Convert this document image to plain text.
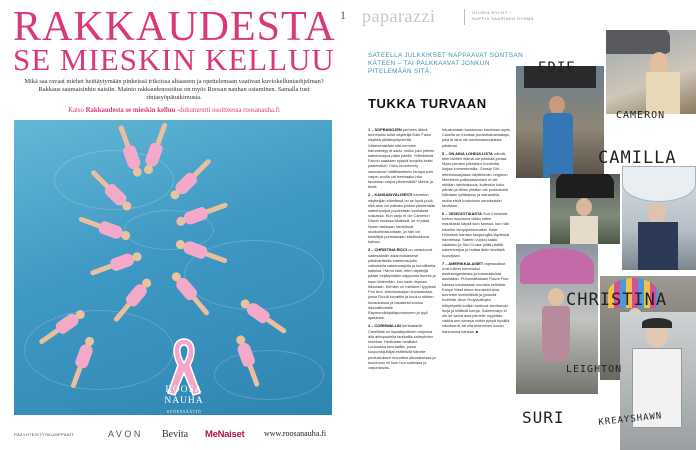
RAKKAUDESTA
SE MIESKIN KELLUU
Mikä saa ravaat miehet heittäytymään pinkeissä trikoissa altaaseen ja opettelemaan vaativan kuviokelluntaohjelman? Rakkaus saumaisinhin naisiin. Mainio rakkaudenosoitus on myös Roosan nauhan ostaminen. Samalla tuet rintasyöpätutkimusta.
Katso Rakkaudesta se mieskin kelluu -dokumentti osoitteessa roosanauha.fi
ROOSA
NAUHA
SYÖPÄSÄÄTIÖ
PÄÄYHTEISTYÖKUMPPANIT	AVON Bevita MeNaiset www.roosanauha.fi
1 paparazzi	GLORIA RYCHY /
SUPPIA SAARINEN RYHMÄ
SATEELLA JULKKIKSET NAPPAAVAT SONTSAN KÄTEEN – TAI PALKKAAVAT JONKUN PITELEMÄÄN SITÄ.
TUKKA TURVAAN
1 – SOPRANOJEN perheen äitinä tunnetuksi tullut näyttelijä Edie Falco näyttää pöllämystyneeltä. Vähemmistään sitä mennen hammentyy ei sadu, mutta joku pitelee sateenvarjoa pään päällä. Yritteliäänä Falcon saadaan nyppiä suojella kaltsi pastekstia? Onko huonenvey varautunut hätätilanteisiin fanaya pois varjon avulla vai treenaako hän fauvistan varjoa pitelemällä? Meine ja tiedä.
2 – KANSAINVÄLISESTI tunnetun näyttelijän elämässä on se hyvä puoli, että aina voi palkata jonkun pitelemään sateenvarjoa puolestaan sveitsissä ruskassa. Kun varjo ei ole Cameron Diazin omassa kädessä, se ei pääa Noren tarkkaan hienkihuat skoikohinasuottaan, ja hän voi keskittyä puristamaan käsilaukkuna kainua.
3 – CHRISTINA RICCI on varautunut sadesäähän asianmukaisesti pitkävartisella sateenvarjolla, valkoisella sateenvarjolla ja kuhollisella kaitoisa. Harmi vain, ettei näyttelijä pääse veljätyrnäkin säpyomia kunnia ja kuun lettemäan, kun sade riepoaa ikkunaan. Etenkin on minkkien tyypissä Pori Ami -televisiosarjan kuvauksissa, jossa Ricciä kuvattiin ja kuuluu näiden kuvauksissa ja tasaisesti kuuluu ikkunattomalle Raymondkäpäläpurrukseen ja tyyli ajatuksiin.
4 – CORNWALLIN herttuatarlle Camillalle on tapnäkyväinen varjonsa alla ahtopuolella tarkkailla sadepilvien suuntaa. Herttuatar osallistui Lontoossa kenraalilla, jossa kuuponkijuhlijat esittelivät hänelle puolustuksen moudista ulkonaisessa ja kuunnuun nii kuin hon sutiinasa ja varjontaivas.
tutustumaan tuostoman toimintaa myös Camilla on innokas puutarhaharrastaja, joka ei aina ole sovinnaissuuksista pitkämat.
5 – ON AINA LOHDULLISTA nähdä, ettei tahtien elämä ole pelkkää juhlaa. Myös pienien julkkisten huolehtia korjaa konsertimallia. Gossip Girl -televisiosarjassa näyttelevän Leighton Meesterin palkkastaminen ei ole mikään harvinaisuus; kuitenkin koko päivän ja lähes yhtäkin ole purkkatahti kiillotaan kyllästynyt ja sairastella, mutta ehkä toukokuun sanoksiakin tarvitaan.
6 – VIISIVUOTIAASTA Suri Cruisesta tuntuu muutama viikko sitten mautkasta käydä ison kanssa, kun hän kävelee lempiporkkanaksi. Katie Holmesin kanssa kaupungilla täydessä hameessa. Sateen vuoksi kaikki valaistuu ja Suri Cruise pitää päällä sateenvarjoa ja hoitaa äidin keväisiä kuosejaan.
7 – AMERIKKALAISET rapmuusikot ovat tulleet tunnetuksi ekstravaganteista ja kummallisista asuistaan. Puhumattakaan Flavor Flav kanssa kaulassaan suurista kelloista. Kanye West tekee ikonisesti aina tunnetun sveitsiläisiä ja jyhkeitä tuotteita. Aina Yhdysvaltojen hittiyhtyeitä kotikin tuntuvat tarvitsevan isoja ja kiiltäviä koruja. Sateenvarjo ei ole se sama asia pienelle myykään, vaikka sen kanssa voikin pysyä hyvällä näköisenä, tai olla tekeminen kovan hahmonsa kanssa. ■
EDIE
CAMERON
CAMILLA
CHRISTINA
LEIGHTON
SURI	KREAYSHAWN
